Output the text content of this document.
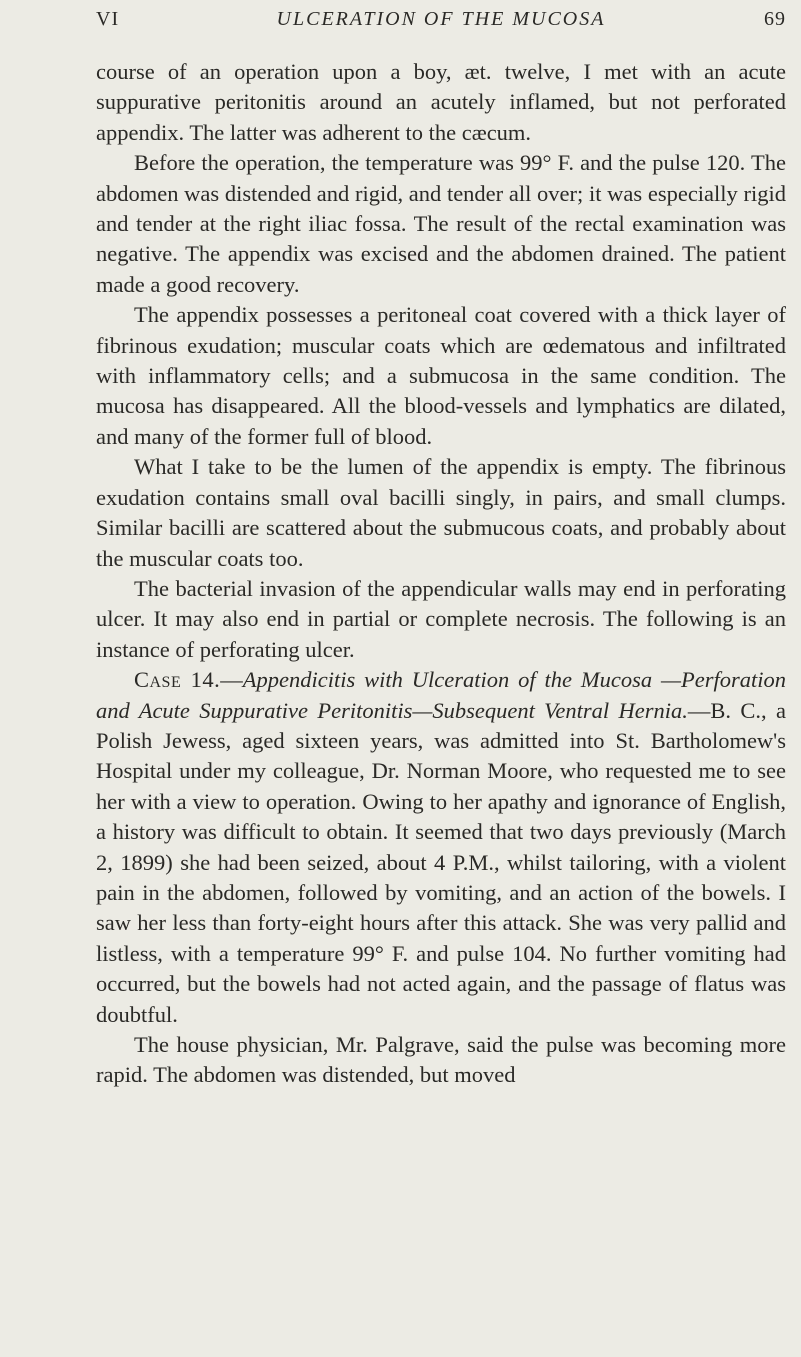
VI	ULCERATION OF THE MUCOSA	69

course of an operation upon a boy, æt. twelve, I met with an acute suppurative peritonitis around an acutely inflamed, but not perforated appendix. The latter was adherent to the cæcum.

Before the operation, the temperature was 99° F. and the pulse 120. The abdomen was distended and rigid, and tender all over; it was especially rigid and tender at the right iliac fossa. The result of the rectal examination was negative. The appendix was excised and the abdomen drained. The patient made a good recovery.

The appendix possesses a peritoneal coat covered with a thick layer of fibrinous exudation; muscular coats which are œdematous and infiltrated with inflammatory cells; and a submucosa in the same condition. The mucosa has disappeared. All the blood-vessels and lymphatics are dilated, and many of the former full of blood.

What I take to be the lumen of the appendix is empty. The fibrinous exudation contains small oval bacilli singly, in pairs, and small clumps. Similar bacilli are scattered about the submucous coats, and probably about the muscular coats too.

The bacterial invasion of the appendicular walls may end in perforating ulcer. It may also end in partial or complete necrosis. The following is an instance of perforating ulcer.

Case 14.—Appendicitis with Ulceration of the Mucosa —Perforation and Acute Suppurative Peritonitis—Subsequent Ventral Hernia.—B. C., a Polish Jewess, aged sixteen years, was admitted into St. Bartholomew's Hospital under my colleague, Dr. Norman Moore, who requested me to see her with a view to operation. Owing to her apathy and ignorance of English, a history was difficult to obtain. It seemed that two days previously (March 2, 1899) she had been seized, about 4 P.M., whilst tailoring, with a violent pain in the abdomen, followed by vomiting, and an action of the bowels. I saw her less than forty-eight hours after this attack. She was very pallid and listless, with a temperature 99° F. and pulse 104. No further vomiting had occurred, but the bowels had not acted again, and the passage of flatus was doubtful.

The house physician, Mr. Palgrave, said the pulse was becoming more rapid. The abdomen was distended, but moved
